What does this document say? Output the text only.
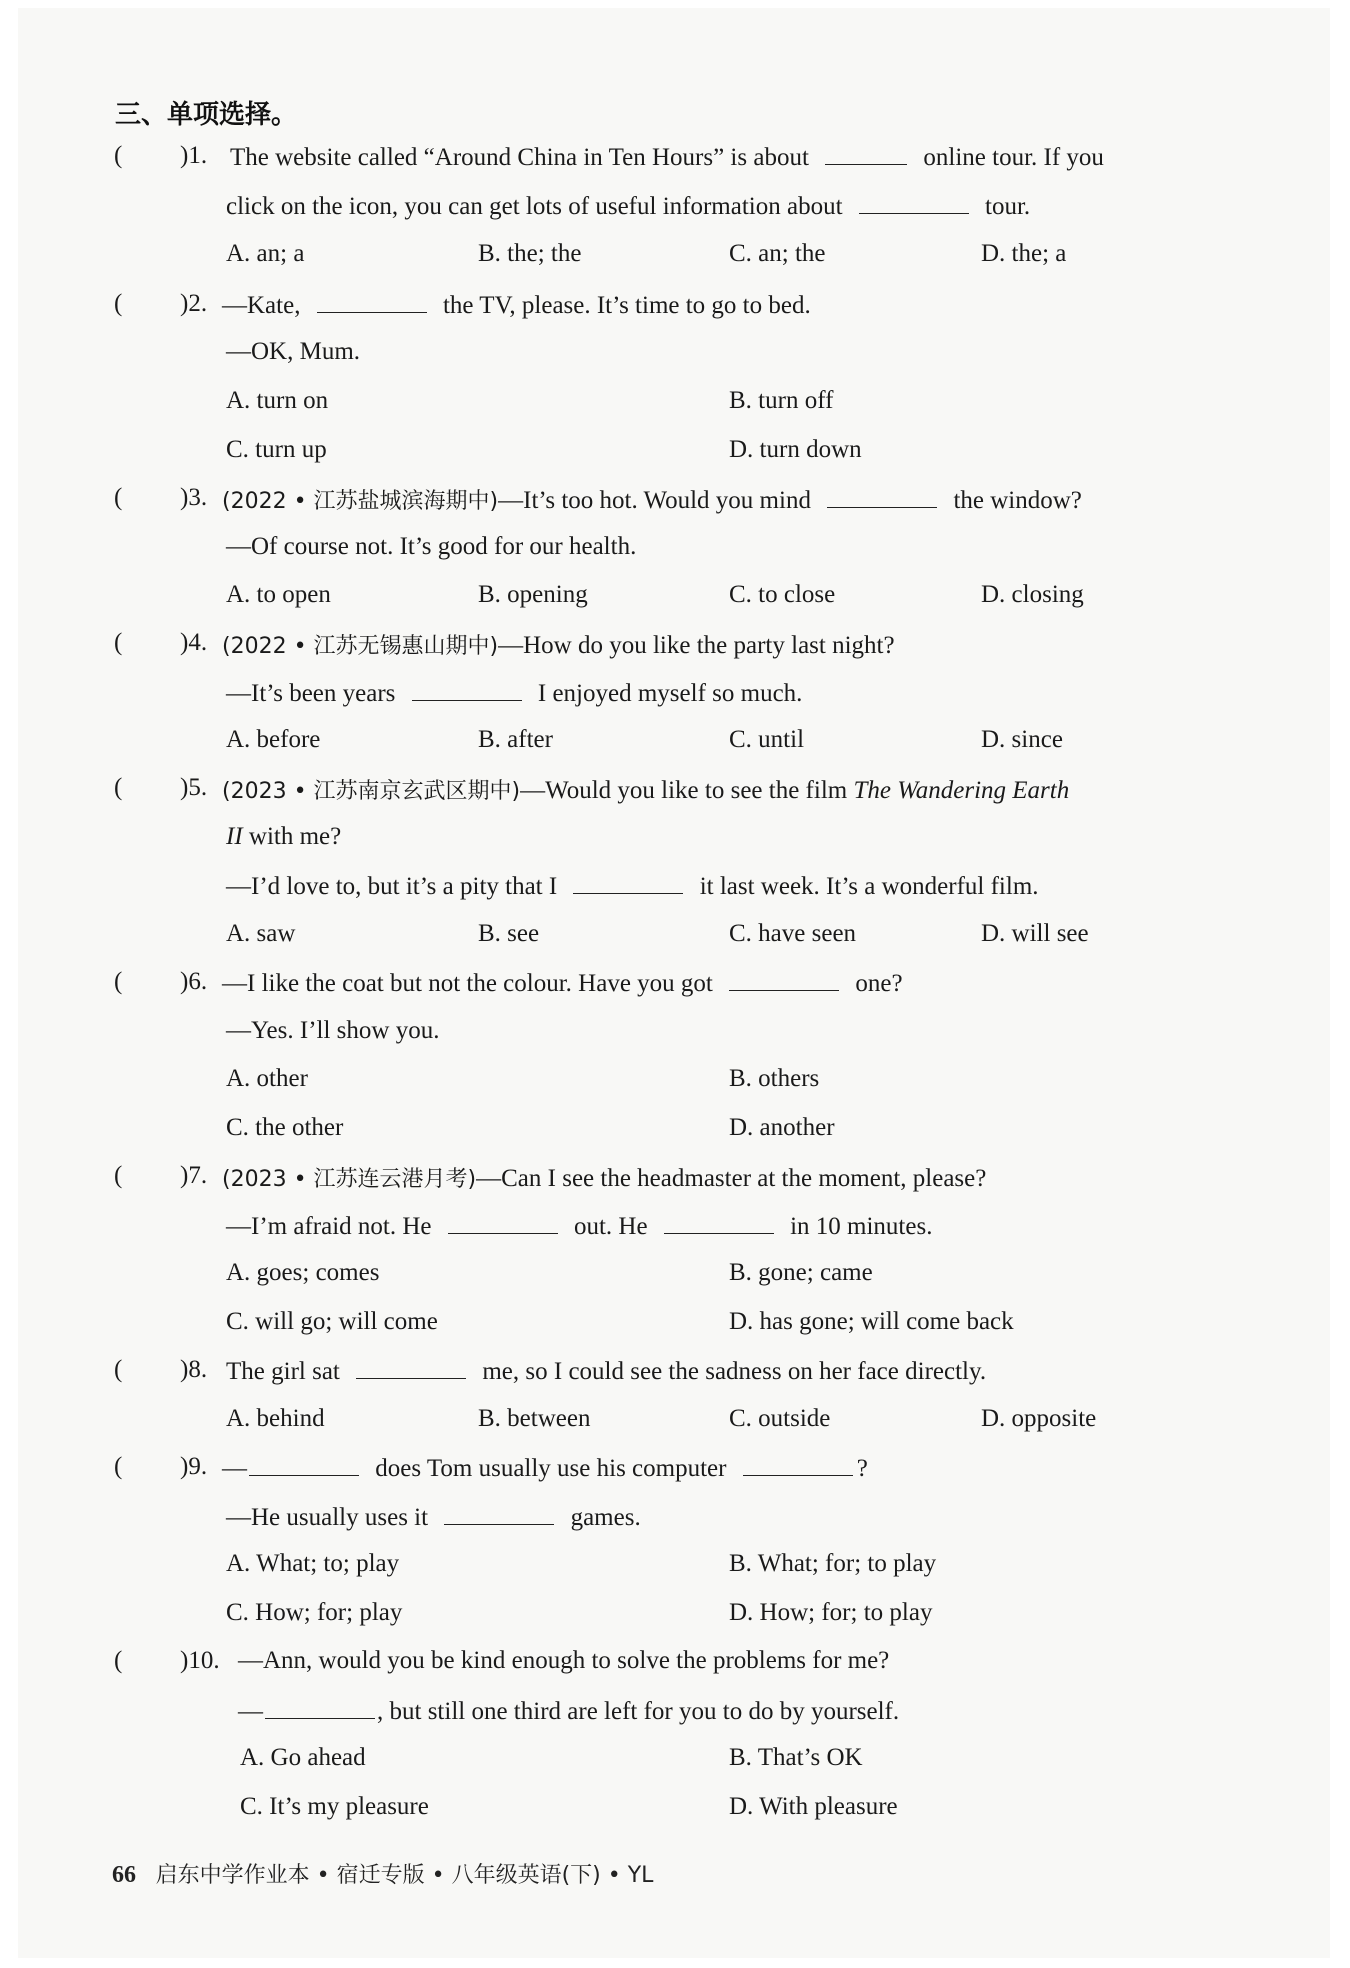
三、单项选择。
( )1. The website called “Around China in Ten Hours” is about	online tour. If you
click on the icon, you can get lots of useful information about	tour.
A. an; a	B. the; the	C. an; the	D. the; a
( )2. —Kate,	the TV, please. It’s time to go to bed.
—OK, Mum.
A. turn on	B. turn off
C. turn up	D. turn down
( )3. (2022 • 江苏盐城滨海期中)—It’s too hot. Would you mind	the window?
—Of course not. It’s good for our health.
A. to open	B. opening	C. to close	D. closing
( )4. (2022 • 江苏无锡惠山期中)—How do you like the party last night?
—It’s been years	I enjoyed myself so much.
A. before	B. after	C. until	D. since
( )5. (2023 • 江苏南京玄武区期中)—Would you like to see the film The Wandering Earth
II with me?
—I’d love to, but it’s a pity that I	it last week. It’s a wonderful film.
A. saw	B. see	C. have seen	D. will see
( )6. —I like the coat but not the colour. Have you got	one?
—Yes. I’ll show you.
A. other	B. others
C. the other	D. another
( )7. (2023 • 江苏连云港月考)—Can I see the headmaster at the moment, please?
—I’m afraid not. He	out. He	in 10 minutes.
A. goes; comes	B. gone; came
C. will go; will come	D. has gone; will come back
( )8. The girl sat	me, so I could see the sadness on her face directly.
A. behind	B. between	C. outside	D. opposite
( )9. —	does Tom usually use his computer	?
—He usually uses it	games.
A. What; to; play	B. What; for; to play
C. How; for; play	D. How; for; to play
( )10. —Ann, would you be kind enough to solve the problems for me?
—	, but still one third are left for you to do by yourself.
A. Go ahead	B. That’s OK
C. It’s my pleasure	D. With pleasure
66 启东中学作业本 • 宿迁专版 • 八年级英语(下) • YL
